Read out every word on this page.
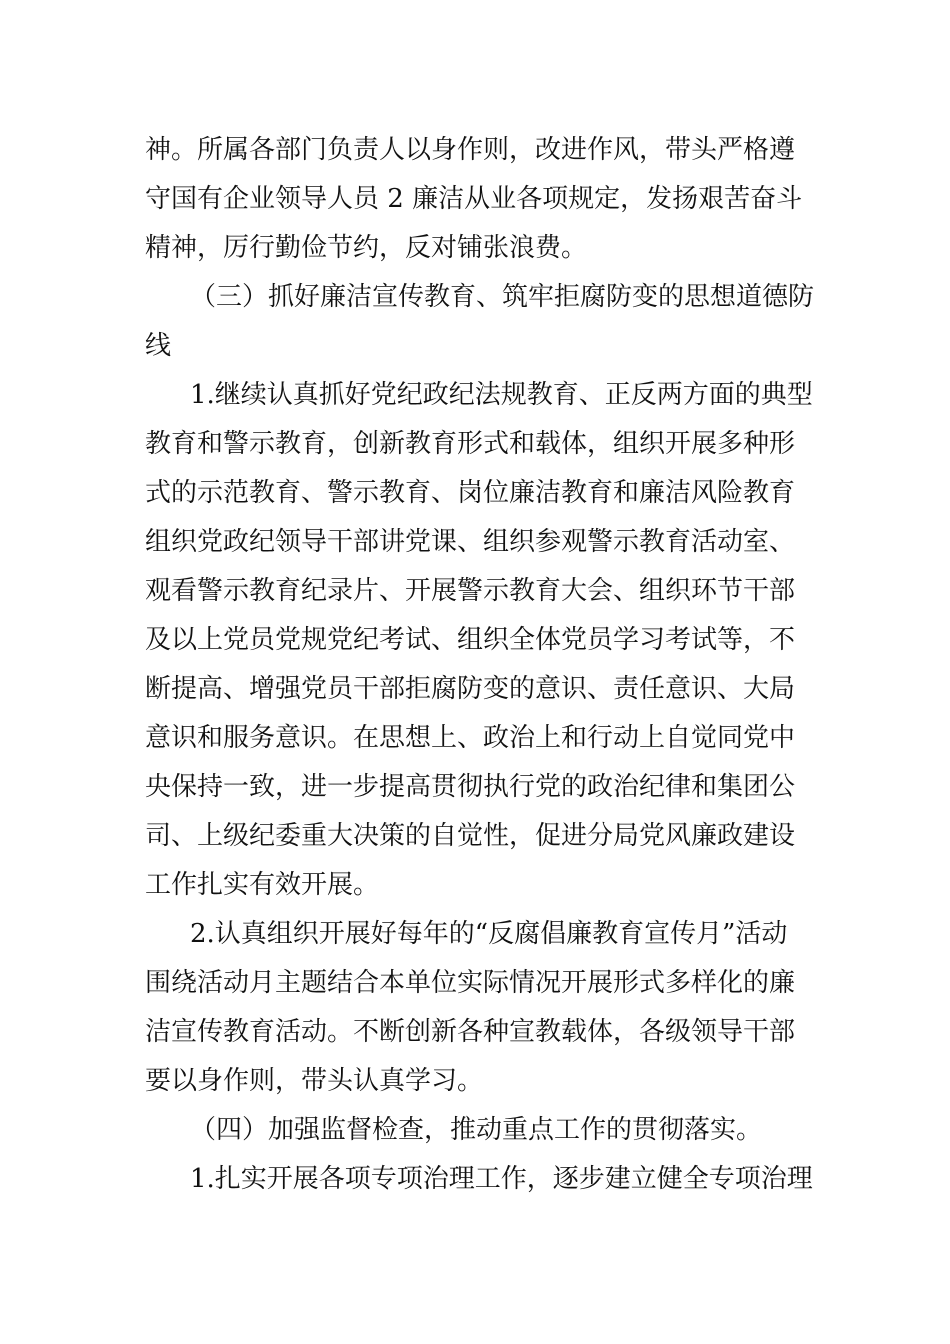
神。所属各部门负责人以身作则，改进作风，带头严格遵
守国有企业领导人员 2 廉洁从业各项规定，发扬艰苦奋斗
精神，厉行勤俭节约，反对铺张浪费。
（三）抓好廉洁宣传教育、筑牢拒腐防变的思想道德防
线
1.继续认真抓好党纪政纪法规教育、正反两方面的典型
教育和警示教育，创新教育形式和载体，组织开展多种形
式的示范教育、警示教育、岗位廉洁教育和廉洁风险教育
组织党政纪领导干部讲党课、组织参观警示教育活动室、
观看警示教育纪录片、开展警示教育大会、组织环节干部
及以上党员党规党纪考试、组织全体党员学习考试等，不
断提高、增强党员干部拒腐防变的意识、责任意识、大局
意识和服务意识。在思想上、政治上和行动上自觉同党中
央保持一致，进一步提高贯彻执行党的政治纪律和集团公
司、上级纪委重大决策的自觉性，促进分局党风廉政建设
工作扎实有效开展。
2.认真组织开展好每年的“反腐倡廉教育宣传月”活动
围绕活动月主题结合本单位实际情况开展形式多样化的廉
洁宣传教育活动。不断创新各种宣教载体，各级领导干部
要以身作则，带头认真学习。
（四）加强监督检查，推动重点工作的贯彻落实。
1.扎实开展各项专项治理工作，逐步建立健全专项治理
